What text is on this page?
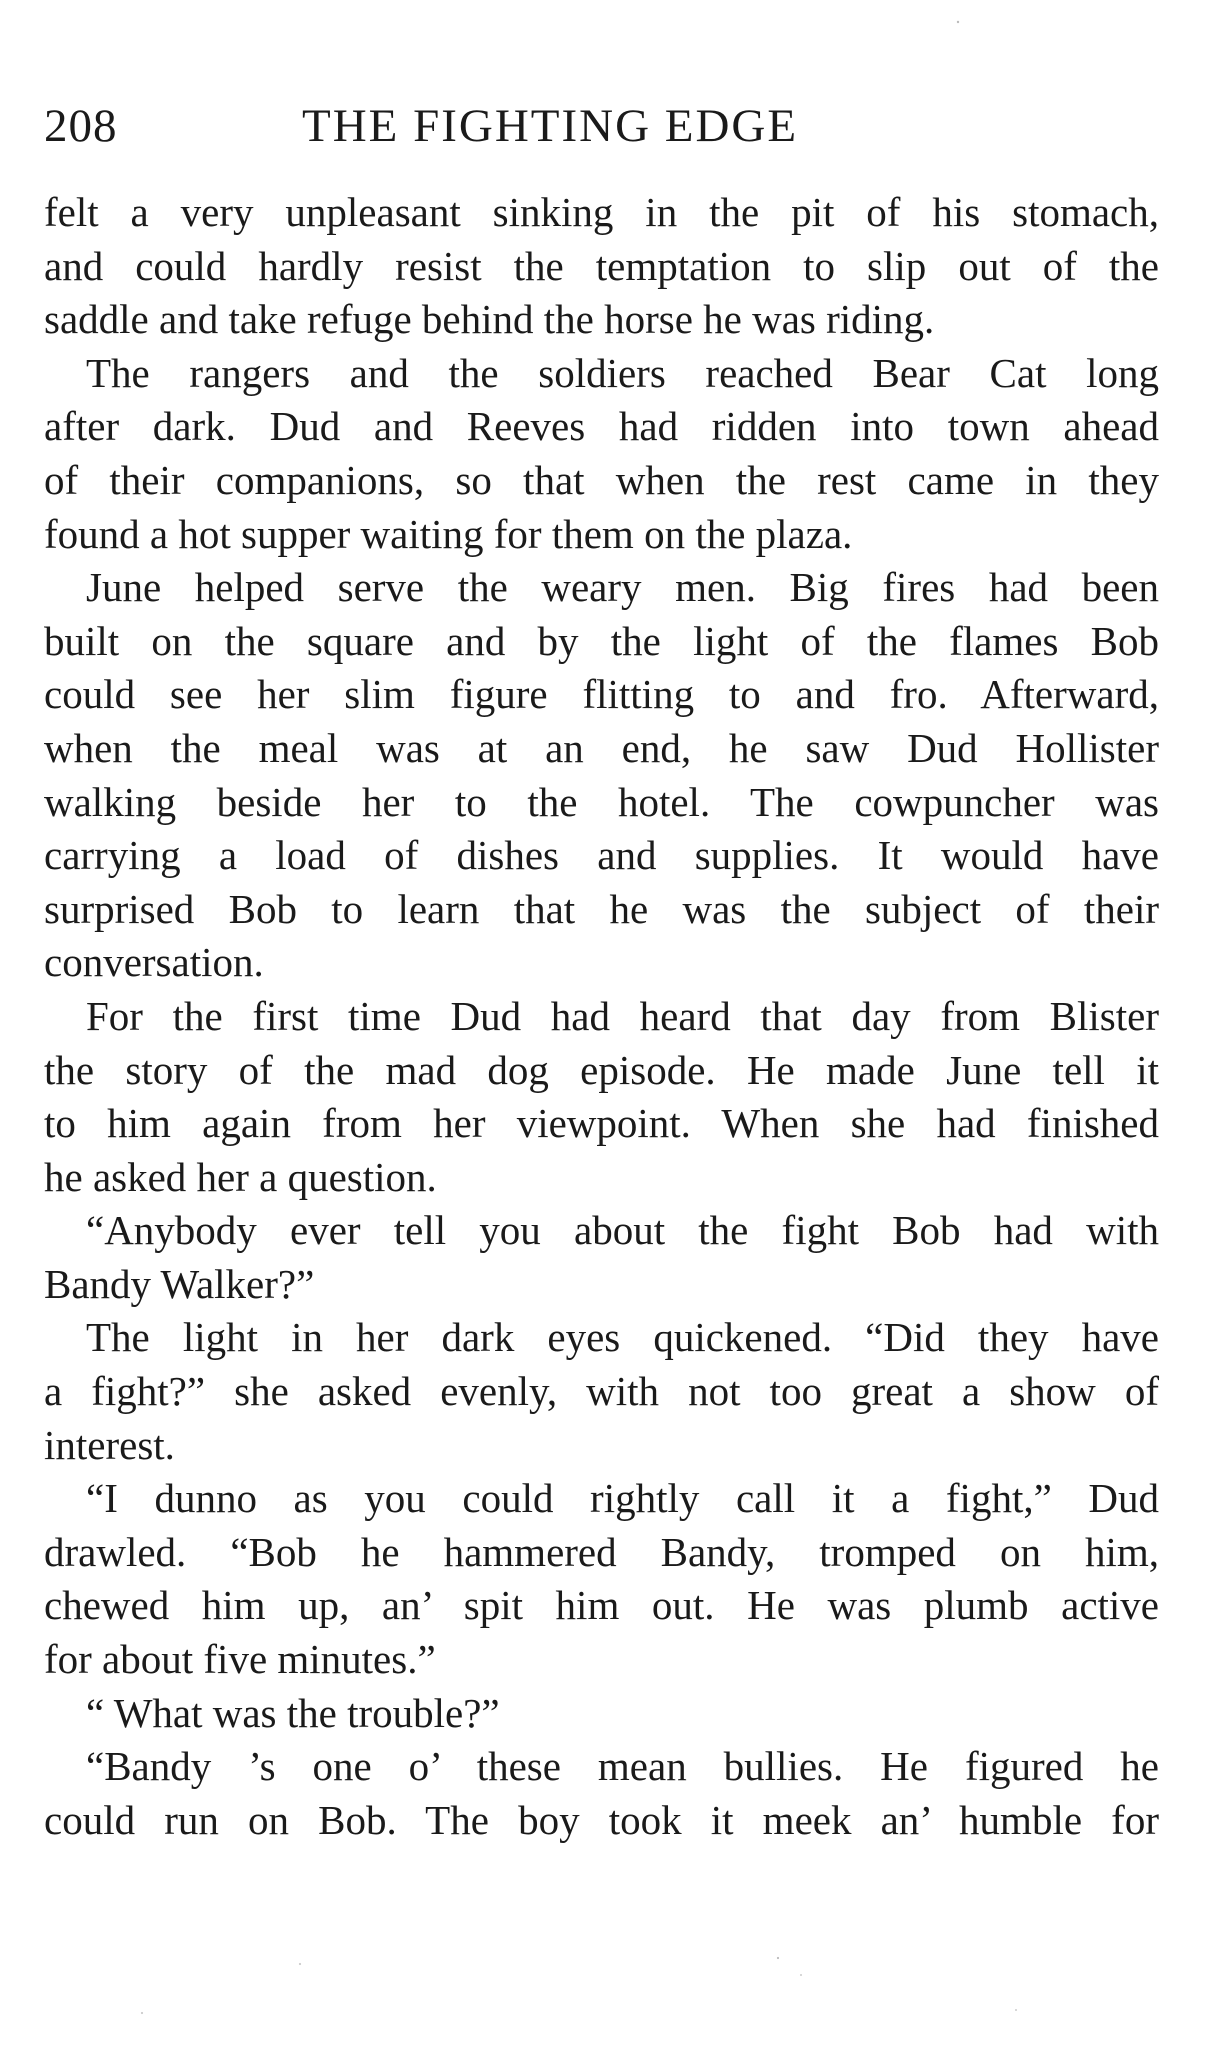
208	THE FIGHTING EDGE
felt a very unpleasant sinking in the pit of his stomach,
and could hardly resist the temptation to slip out of the
saddle and take refuge behind the horse he was riding.
The rangers and the soldiers reached Bear Cat long
after dark. Dud and Reeves had ridden into town ahead
of their companions, so that when the rest came in they
found a hot supper waiting for them on the plaza.
June helped serve the weary men. Big fires had been
built on the square and by the light of the flames Bob
could see her slim figure flitting to and fro. Afterward,
when the meal was at an end, he saw Dud Hollister
walking beside her to the hotel. The cowpuncher was
carrying a load of dishes and supplies. It would have
surprised Bob to learn that he was the subject of their
conversation.
For the first time Dud had heard that day from Blister
the story of the mad dog episode. He made June tell it
to him again from her viewpoint. When she had finished
he asked her a question.
“Anybody ever tell you about the fight Bob had with
Bandy Walker?”
The light in her dark eyes quickened. “Did they have
a fight?” she asked evenly, with not too great a show of
interest.
“I dunno as you could rightly call it a fight,” Dud
drawled. “Bob he hammered Bandy, tromped on him,
chewed him up, an’ spit him out. He was plumb active
for about five minutes.”
“ What was the trouble?”
“Bandy ’s one o’ these mean bullies. He figured he
could run on Bob. The boy took it meek an’ humble for
